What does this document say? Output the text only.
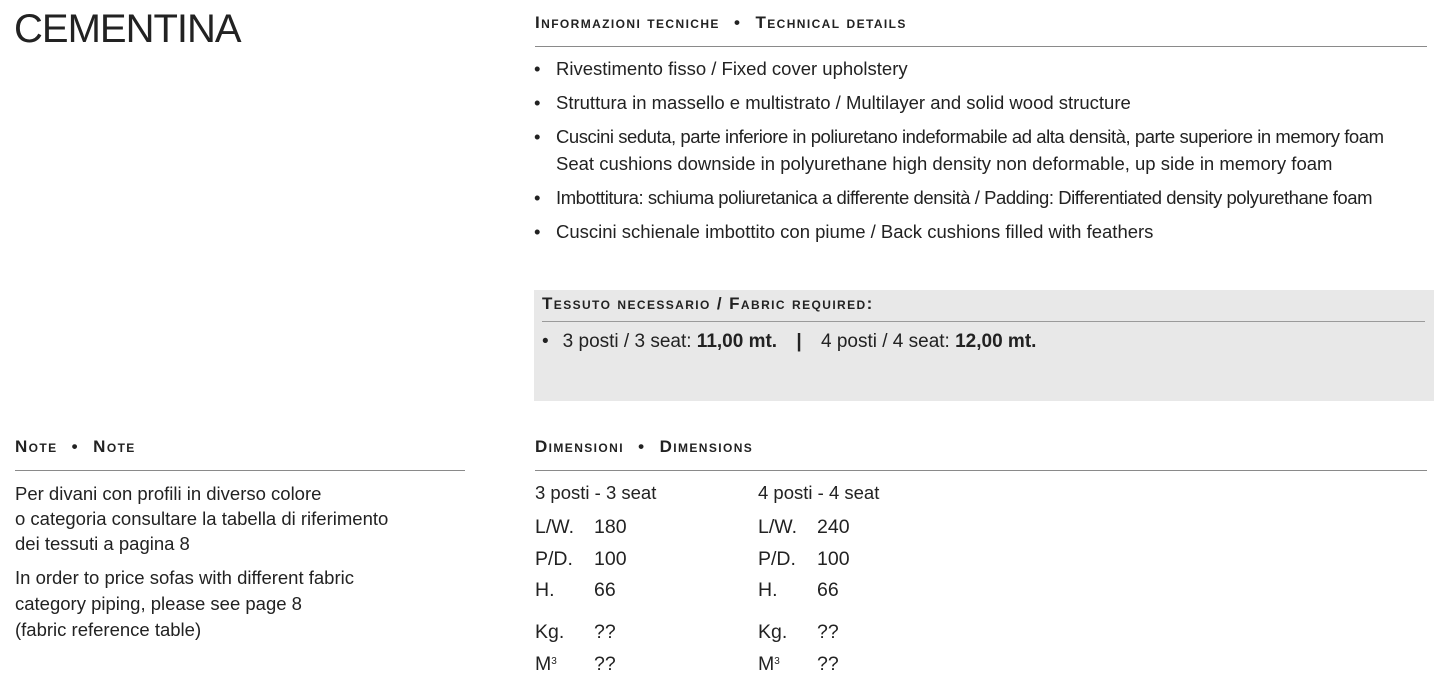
CEMENTINA	Informazioni tecniche • Technical details
• Rivestimento fisso / Fixed cover upholstery
• Struttura in massello e multistrato / Multilayer and solid wood structure
• Cuscini seduta, parte inferiore in poliuretano indeformabile ad alta densità, parte superiore in memory foam
Seat cushions downside in polyurethane high density non deformable, up side in memory foam
• Imbottitura: schiuma poliuretanica a differente densità / Padding: Differentiated density polyurethane foam
• Cuscini schienale imbottito con piume / Back cushions filled with feathers
Tessuto necessario / Fabric required:
• 3 posti / 3 seat: 11,00 mt. | 4 posti / 4 seat: 12,00 mt.
Note • Note
Per divani con profili in diverso colore
o categoria consultare la tabella di riferimento
dei tessuti a pagina 8
In order to price sofas with different fabric
category piping, please see page 8
(fabric reference table)
Dimensioni • Dimensions
3 posti - 3 seat
L/W. 180
P/D. 100
H. 66
Kg. ??
$M^3$ ??
4 posti - 4 seat
L/W. 240
P/D. 100
H. 66
Kg. ??
$M^3$ ??
